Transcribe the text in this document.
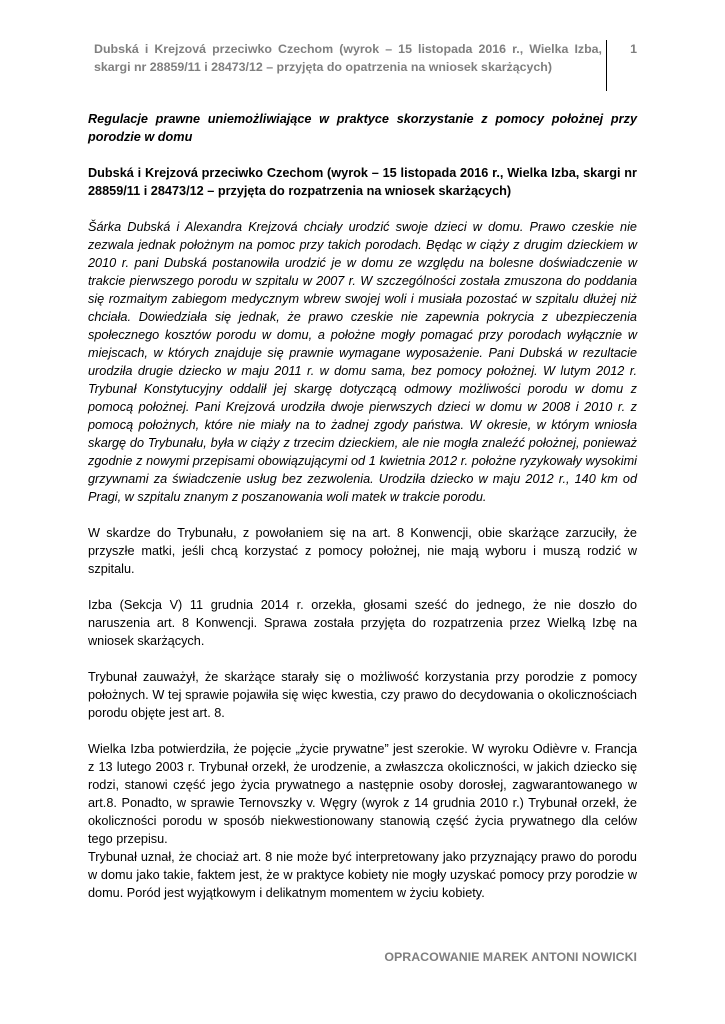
Dubská i Krejzová przeciwko Czechom (wyrok – 15 listopada 2016 r., Wielka Izba, skargi nr 28859/11 i 28473/12 – przyjęta do opatrzenia na wniosek skarżących)
1

Regulacje prawne uniemożliwiające w praktyce skorzystanie z pomocy położnej przy porodzie w domu

Dubská i Krejzová przeciwko Czechom (wyrok – 15 listopada 2016 r., Wielka Izba, skargi nr 28859/11 i 28473/12 – przyjęta do rozpatrzenia na wniosek skarżących)

Šárka Dubská i Alexandra Krejzová chciały urodzić swoje dzieci w domu. Prawo czeskie nie zezwala jednak położnym na pomoc przy takich porodach. Będąc w ciąży z drugim dzieckiem w 2010 r. pani Dubská postanowiła urodzić je w domu ze względu na bolesne doświadczenie w trakcie pierwszego porodu w szpitalu w 2007 r. W szczególności została zmuszona do poddania się rozmaitym zabiegom medycznym wbrew swojej woli i musiała pozostać w szpitalu dłużej niż chciała. Dowiedziała się jednak, że prawo czeskie nie zapewnia pokrycia z ubezpieczenia społecznego kosztów porodu w domu, a położne mogły pomagać przy porodach wyłącznie w miejscach, w których znajduje się prawnie wymagane wyposażenie. Pani Dubská w rezultacie urodziła drugie dziecko w maju 2011 r. w domu sama, bez pomocy położnej. W lutym 2012 r. Trybunał Konstytucyjny oddalił jej skargę dotyczącą odmowy możliwości porodu w domu z pomocą położnej. Pani Krejzová urodziła dwoje pierwszych dzieci w domu w 2008 i 2010 r. z pomocą położnych, które nie miały na to żadnej zgody państwa. W okresie, w którym wniosła skargę do Trybunału, była w ciąży z trzecim dzieckiem, ale nie mogła znaleźć położnej, ponieważ zgodnie z nowymi przepisami obowiązującymi od 1 kwietnia 2012 r. położne ryzykowały wysokimi grzywnami za świadczenie usług bez zezwolenia. Urodziła dziecko w maju 2012 r., 140 km od Pragi, w szpitalu znanym z poszanowania woli matek w trakcie porodu.

W skardze do Trybunału, z powołaniem się na art. 8 Konwencji, obie skarżące zarzuciły, że przyszłe matki, jeśli chcą korzystać z pomocy położnej, nie mają wyboru i muszą rodzić w szpitalu.

Izba (Sekcja V) 11 grudnia 2014 r. orzekła, głosami sześć do jednego, że nie doszło do naruszenia art. 8 Konwencji. Sprawa została przyjęta do rozpatrzenia przez Wielką Izbę na wniosek skarżących.

Trybunał zauważył, że skarżące starały się o możliwość korzystania przy porodzie z pomocy położnych. W tej sprawie pojawiła się więc kwestia, czy prawo do decydowania o okolicznościach porodu objęte jest art. 8.

Wielka Izba potwierdziła, że pojęcie „życie prywatne” jest szerokie. W wyroku Odièvre v. Francja z 13 lutego 2003 r. Trybunał orzekł, że urodzenie, a zwłaszcza okoliczności, w jakich dziecko się rodzi, stanowi część jego życia prywatnego a następnie osoby dorosłej, zagwarantowanego w art.8. Ponadto, w sprawie Ternovszky v. Węgry (wyrok z 14 grudnia 2010 r.) Trybunał orzekł, że okoliczności porodu w sposób niekwestionowany stanowią część życia prywatnego dla celów tego przepisu.

Trybunał uznał, że chociaż art. 8 nie może być interpretowany jako przyznający prawo do porodu w domu jako takie, faktem jest, że w praktyce kobiety nie mogły uzyskać pomocy przy porodzie w domu. Poród jest wyjątkowym i delikatnym momentem w życiu kobiety.

OPRACOWANIE MAREK ANTONI NOWICKI
